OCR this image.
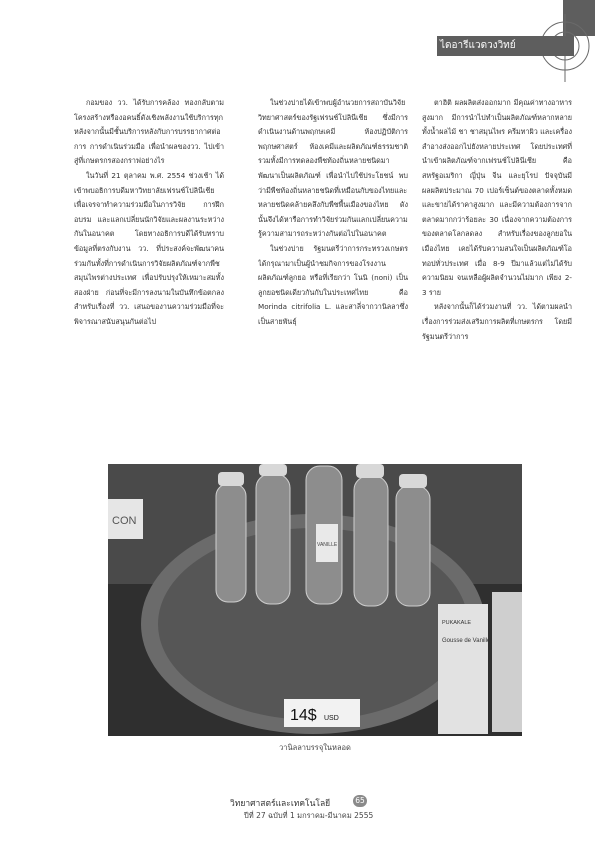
ไดอารีแวดวงวิทย์

กอมของ วว. ได้รับการคล้อง ทองกลับตามโครงสร้างหรืองอคนธิ์ดังเชิงพลังงานใช้บริการทุก หลังจากนั้นมีชั้นบริการหลังกับการบรรยากาศต่อการ การดำเนินร่วมมือ เพื่อนำผลของวว. ไปเข้าสู่ที่เกษตรกรสองกราฟอย่างไร

ในวันที่ 21 ตุลาคม พ.ศ. 2554 ช่วงเช้า ได้เข้าพบอธิการบดีมหาวิทยาลัยเฟรนช์โปลินีเชีย เพื่อเจรจาทำความร่วมมือในการวิจัย การฝึกอบรม และแลกเปลี่ยนนักวิจัยและผลงานระหว่างกันในอนาคต โดยทางอธิการบดีได้รับทราบข้อมูลที่ตรงกับงาน วว. ที่ประสงค์จะพัฒนาคนร่วมกันทั้งที่การดำเนินการวิจัยผลิตภัณฑ์จากพืชสมุนไพรต่างประเทศ เพื่อปรับปรุงให้เหมาะสมทั้งสองฝ่าย ก่อนที่จะมีการลงนามในบันทึกข้อตกลง สำหรับเรื่องที่ วว. เสนอของานความร่วมมือที่จะพิจารณาสนับสนุนกันต่อไป

ในช่วงบ่ายได้เข้าพบผู้อำนวยการสถาบันวิจัยวิทยาศาสตร์ของรัฐเฟรนช์โปลินีเชีย ซึ่งมีการดำเนินงานด้านพฤกษเคมี ห้องปฏิบัติการพฤกษศาสตร์ ห้องเคมีและผลิตภัณฑ์ธรรมชาติ รวมทั้งมีการทดลองพืชท้องถิ่นหลายชนิดมาพัฒนาเป็นผลิตภัณฑ์ เพื่อนำไปใช้ประโยชน์ พบว่ามีพืชท้องถิ่นหลายชนิดที่เหมือนกับของไทยและหลายชนิดคล้ายคลึงกับพืชพื้นเมืองของไทย ดังนั้นจึงได้หารือการทำวิจัยร่วมกันแลกเปลี่ยนความรู้ความสามารถระหว่างกันต่อไปในอนาคต

ในช่วงบ่าย รัฐมนตรีว่าการกระทรวงเกษตรได้กรุณามาเป็นผู้นำชมกิจการของโรงงานผลิตภัณฑ์ลูกยอ หรือที่เรียกว่า โนนิ (noni) เป็นลูกยอชนิดเดียวกันกับในประเทศไทย คือ Morinda citrifolia L. และสาลี่จากวานิลลาซึ่งเป็นสายพันธุ์

ตาฮิติ ผลผลิตส่งออกมาก มีคุณค่าทางอาหารสูงมาก มีการนำไปทำเป็นผลิตภัณฑ์หลากหลาย ทั้งน้ำผลไม้ ชา ชาสมุนไพร ครีมทาผิว และเครื่องสำอางส่งออกไปยังหลายประเทศ โดยประเทศที่นำเข้าผลิตภัณฑ์จากเฟรนช์โปลินีเชีย คือ สหรัฐอเมริกา ญี่ปุ่น จีน และยุโรป ปัจจุบันมีผลผลิตประมาณ 70 เปอร์เซ็นต์ของตลาดทั้งหมด และขายได้ราคาสูงมาก และมีความต้องการจากตลาดมากกว่าร้อยละ 30 เนื่องจากความต้องการของตลาดโลกลดลง สำหรับเรื่องของลูกยอในเมืองไทย เคยได้รับความสนใจเป็นผลิตภัณฑ์โอทอปทั่วประเทศ เมื่อ 8-9 ปีมาแล้วแต่ไม่ได้รับความนิยม จนเหลือผู้ผลิตจำนวนไม่มาก เพียง 2-3 ราย

หลังจากนั้นก็ได้ร่วมงานที่ วว. ได้ตามผลนำเรื่องการร่วมส่งเสริมการผลิตที่เกษตรกร โดยมีรัฐมนตรีว่าการ

CON
VANILLE
14$ USD
PUKAKALE
Gousse de Vanille
วานิลลาบรรจุในหลอด
วิทยาศาสตร์และเทคโนโลยี	65
ปีที่ 27 ฉบับที่ 1 มกราคม-มีนาคม 2555
